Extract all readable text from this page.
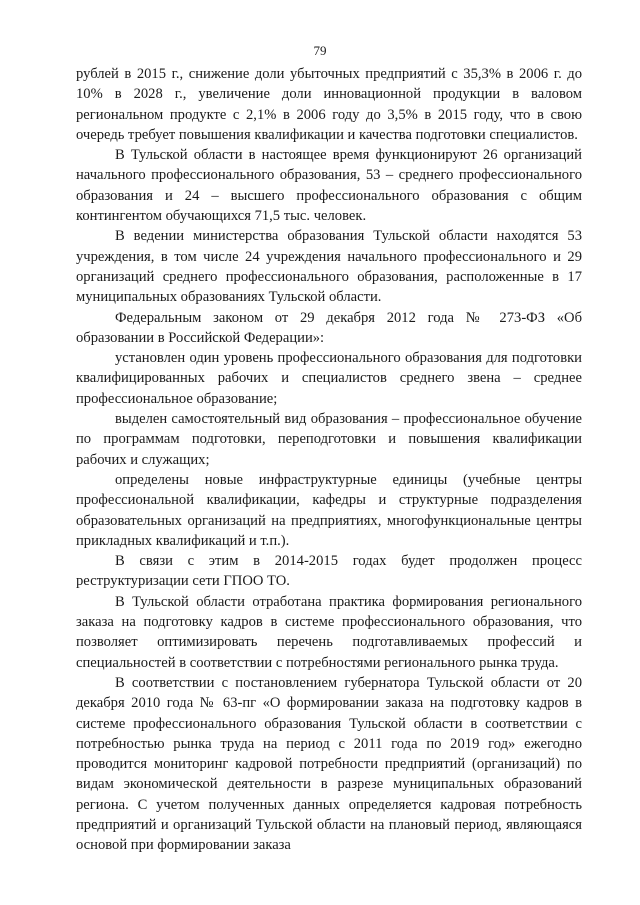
79

рублей в 2015 г., снижение доли убыточных предприятий с 35,3% в 2006 г. до 10% в 2028 г., увеличение доли инновационной продукции в валовом региональном продукте с 2,1% в 2006 году до 3,5% в 2015 году, что в свою очередь требует повышения квалификации и качества подготовки специалистов.

В Тульской области в настоящее время функционируют 26 организаций начального профессионального образования, 53 – среднего профессионального образования и 24 – высшего профессионального образования с общим контингентом обучающихся 71,5 тыс. человек.

В ведении министерства образования Тульской области находятся 53 учреждения, в том числе 24 учреждения начального профессионального и 29 организаций среднего профессионального образования, расположенные в 17 муниципальных образованиях Тульской области.

Федеральным законом от 29 декабря 2012 года № 273-ФЗ «Об образовании в Российской Федерации»:

установлен один уровень профессионального образования для подготовки квалифицированных рабочих и специалистов среднего звена – среднее профессиональное образование;

выделен самостоятельный вид образования – профессиональное обучение по программам подготовки, переподготовки и повышения квалификации рабочих и служащих;

определены новые инфраструктурные единицы (учебные центры профессиональной квалификации, кафедры и структурные подразделения образовательных организаций на предприятиях, многофункциональные центры прикладных квалификаций и т.п.).

В связи с этим в 2014-2015 годах будет продолжен процесс реструктуризации сети ГПОО ТО.

В Тульской области отработана практика формирования регионального заказа на подготовку кадров в системе профессионального образования, что позволяет оптимизировать перечень подготавливаемых профессий и специальностей в соответствии с потребностями регионального рынка труда.

В соответствии с постановлением губернатора Тульской области от 20 декабря 2010 года № 63-пг «О формировании заказа на подготовку кадров в системе профессионального образования Тульской области в соответствии с потребностью рынка труда на период с 2011 года по 2019 год» ежегодно проводится мониторинг кадровой потребности предприятий (организаций) по видам экономической деятельности в разрезе муниципальных образований региона. С учетом полученных данных определяется кадровая потребность предприятий и организаций Тульской области на плановый период, являющаяся основой при формировании заказа
